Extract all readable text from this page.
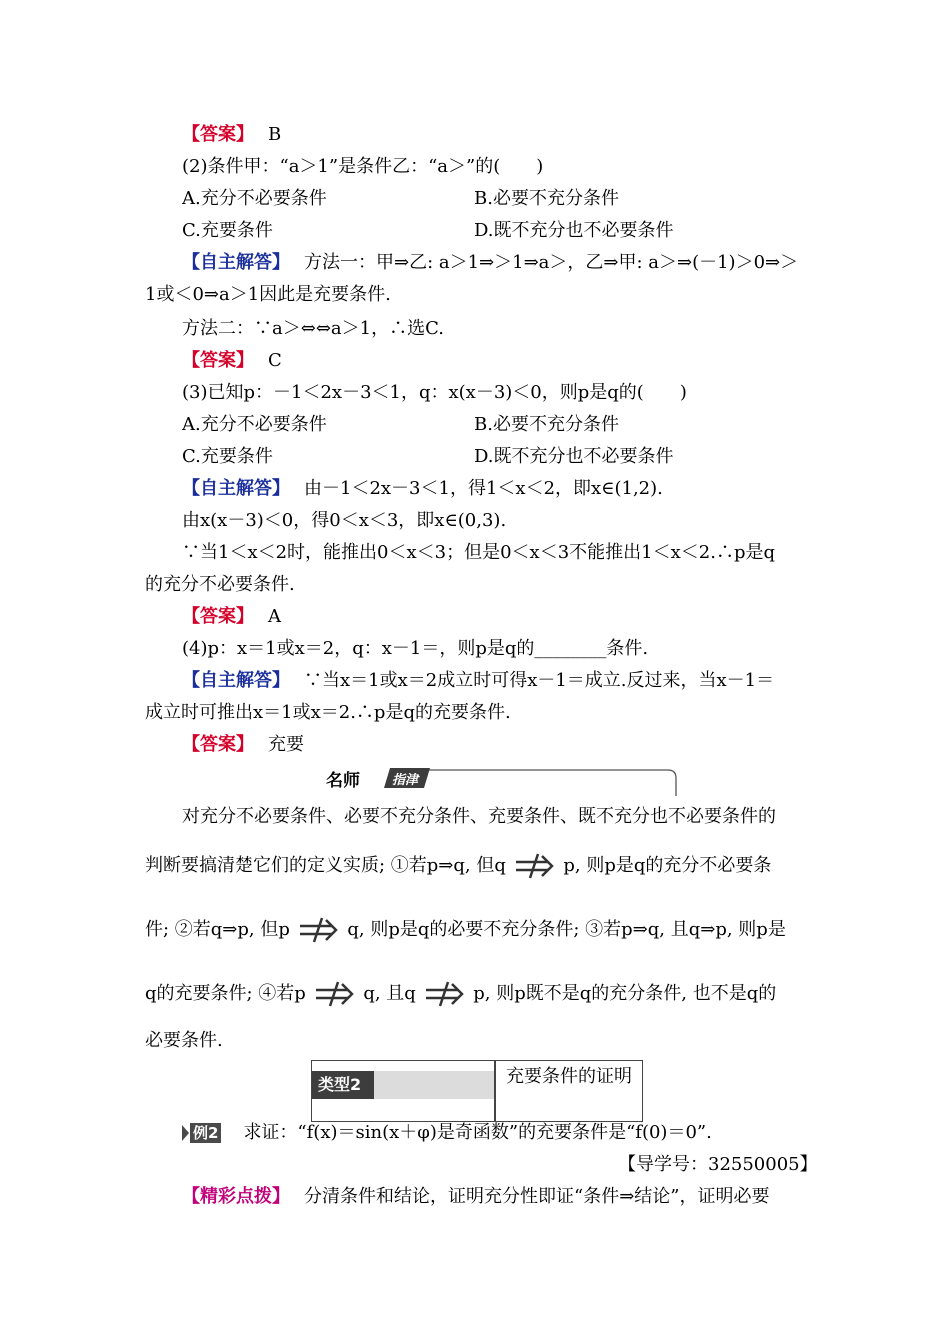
【答案】 B
(2)条件甲：“a＞1”是条件乙：“a＞”的(　　)
A.充分不必要条件	B.必要不充分条件
C.充要条件	D.既不充分也不必要条件
【自主解答】 方法一：甲⇒乙: a＞1⇒＞1⇒a＞，乙⇒甲: a＞⇒(－1)＞0⇒＞
1或＜0⇒a＞1因此是充要条件.
方法二：∵a＞⇔⇔a＞1，∴选C.
【答案】 C
(3)已知p：－1＜2x－3＜1，q：x(x－3)＜0，则p是q的(　　)
A.充分不必要条件	B.必要不充分条件
C.充要条件	D.既不充分也不必要条件
【自主解答】 由－1＜2x－3＜1，得1＜x＜2，即x∈(1,2).
由x(x－3)＜0，得0＜x＜3，即x∈(0,3).
∵当1＜x＜2时，能推出0＜x＜3；但是0＜x＜3不能推出1＜x＜2.∴p是q
的充分不必要条件.
【答案】 A
(4)p：x＝1或x＝2，q：x－1＝，则p是q的________条件.
【自主解答】 ∵当x＝1或x＝2成立时可得x－1＝成立.反过来，当x－1＝
成立时可推出x＝1或x＝2.∴p是q的充要条件.
【答案】 充要
名师 指津
对充分不必要条件、必要不充分条件、充要条件、既不充分也不必要条件的
判断要搞清楚它们的定义实质; ①若p⇒q, 但q	p, 则p是q的充分不必要条
件; ②若q⇒p, 但p	q, 则p是q的必要不充分条件; ③若p⇒q, 且q⇒p, 则p是
q的充要条件; ④若p	q, 且q	p, 则p既不是q的充分条件, 也不是q的
必要条件.
类型2	充要条件的证明
例2 求证：“f(x)＝sin(x＋φ)是奇函数”的充要条件是“f(0)＝0”.
【导学号：32550005】
【精彩点拨】 分清条件和结论，证明充分性即证“条件⇒结论”，证明必要
